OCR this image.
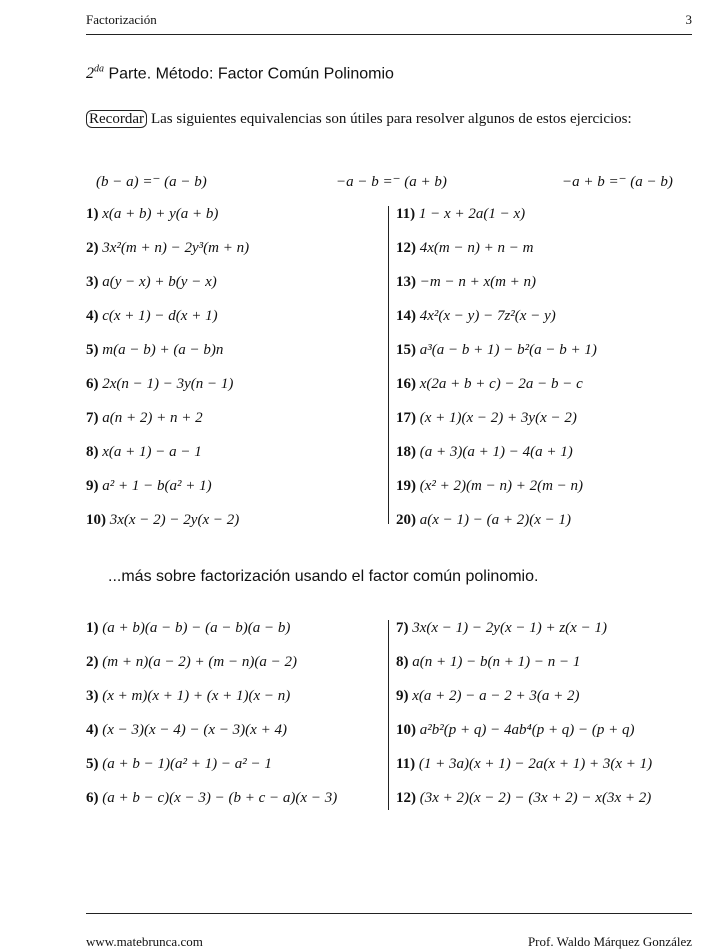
Factorización	3
$2^{da}$ Parte. Método: Factor Común Polinomio
Recordar Las siguientes equivalencias son útiles para resolver algunos de estos ejercicios:
(b − a) =⁻ (a − b)	−a − b =⁻ (a + b)	−a + b =⁻ (a − b)
1) x(a + b) + y(a + b)	11) 1 − x + 2a(1 − x)
2) 3x²(m + n) − 2y³(m + n)	12) 4x(m − n) + n − m
3) a(y − x) + b(y − x)	13) −m − n + x(m + n)
4) c(x + 1) − d(x + 1)	14) 4x²(x − y) − 7z²(x − y)
5) m(a − b) + (a − b)n	15) a³(a − b + 1) − b²(a − b + 1)
6) 2x(n − 1) − 3y(n − 1)	16) x(2a + b + c) − 2a − b − c
7) a(n + 2) + n + 2	17) (x + 1)(x − 2) + 3y(x − 2)
8) x(a + 1) − a − 1	18) (a + 3)(a + 1) − 4(a + 1)
9) a² + 1 − b(a² + 1)	19) (x² + 2)(m − n) + 2(m − n)
10) 3x(x − 2) − 2y(x − 2)	20) a(x − 1) − (a + 2)(x − 1)
...más sobre factorización usando el factor común polinomio.
1) (a + b)(a − b) − (a − b)(a − b)	7) 3x(x − 1) − 2y(x − 1) + z(x − 1)
2) (m + n)(a − 2) + (m − n)(a − 2)	8) a(n + 1) − b(n + 1) − n − 1
3) (x + m)(x + 1) + (x + 1)(x − n)	9) x(a + 2) − a − 2 + 3(a + 2)
4) (x − 3)(x − 4) − (x − 3)(x + 4)	10) a²b²(p + q) − 4ab⁴(p + q) − (p + q)
5) (a + b − 1)(a² + 1) − a² − 1	11) (1 + 3a)(x + 1) − 2a(x + 1) + 3(x + 1)
6) (a + b − c)(x − 3) − (b + c − a)(x − 3)	12) (3x + 2)(x − 2) − (3x + 2) − x(3x + 2)
www.matebrunca.com	Prof. Waldo Márquez González
